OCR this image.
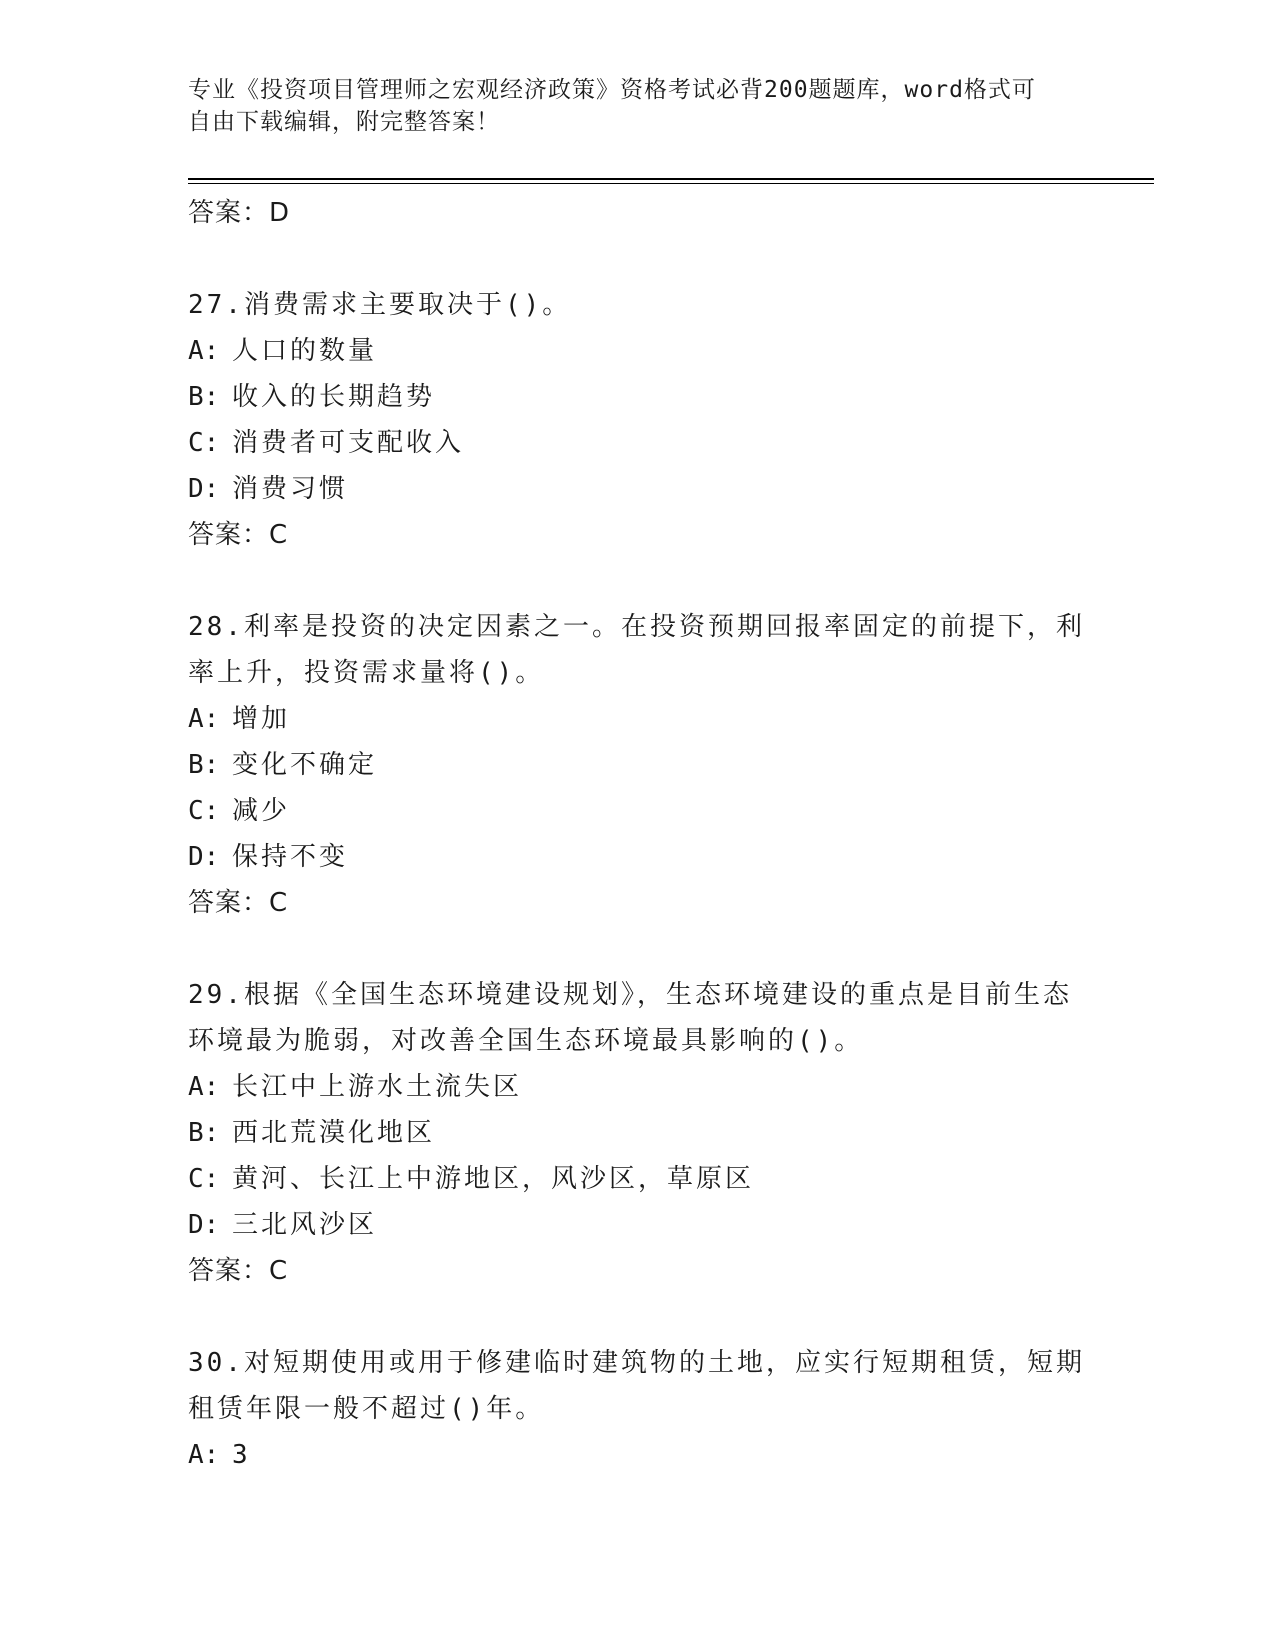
专业《投资项目管理师之宏观经济政策》资格考试必背200题题库，word格式可
自由下载编辑，附完整答案！
答案：D
27.消费需求主要取决于()。
A: 人口的数量
B: 收入的长期趋势
C: 消费者可支配收入
D: 消费习惯
答案：C
28.利率是投资的决定因素之一。在投资预期回报率固定的前提下，利
率上升，投资需求量将()。
A: 增加
B: 变化不确定
C: 减少
D: 保持不变
答案：C
29.根据《全国生态环境建设规划》，生态环境建设的重点是目前生态
环境最为脆弱，对改善全国生态环境最具影响的()。
A: 长江中上游水土流失区
B: 西北荒漠化地区
C: 黄河、长江上中游地区，风沙区，草原区
D: 三北风沙区
答案：C
30.对短期使用或用于修建临时建筑物的土地，应实行短期租赁，短期
租赁年限一般不超过()年。
A: 3
